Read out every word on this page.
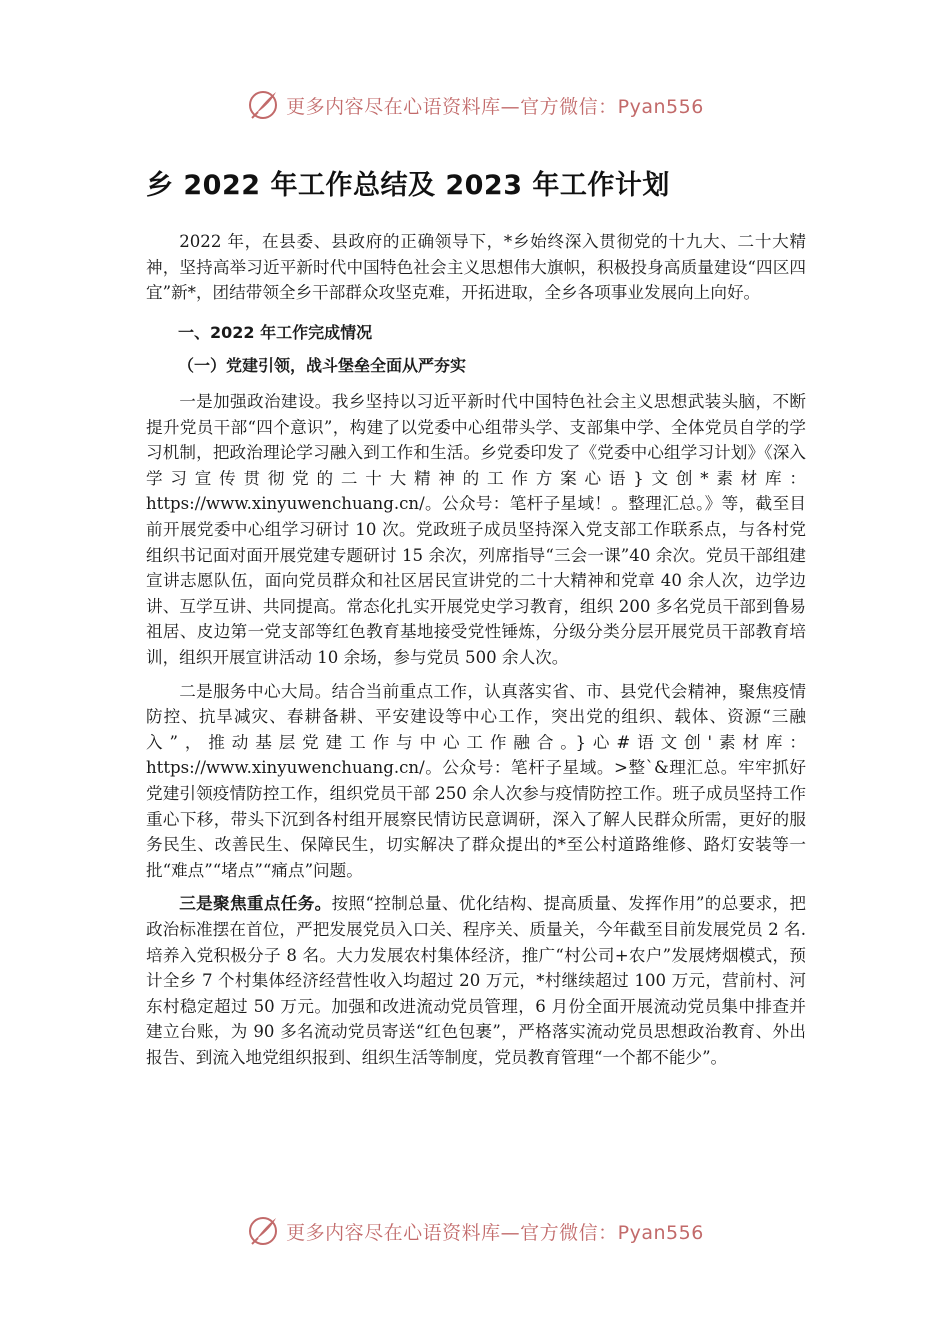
更多内容尽在心语资料库—官方微信：Pyan556
乡 2022 年工作总结及 2023 年工作计划

2022 年，在县委、县政府的正确领导下，*乡始终深入贯彻党的十九大、二十大精神，坚持高举习近平新时代中国特色社会主义思想伟大旗帜，积极投身高质量建设“四区四宜”新*，团结带领全乡干部群众攻坚克难，开拓进取，全乡各项事业发展向上向好。

一、2022 年工作完成情况
（一）党建引领，战斗堡垒全面从严夯实

一是加强政治建设。我乡坚持以习近平新时代中国特色社会主义思想武装头脑，不断提升党员干部“四个意识”，构建了以党委中心组带头学、支部集中学、全体党员自学的学习机制，把政治理论学习融入到工作和生活。乡党委印发了《党委中心组学习计划》《深入学习宣传贯彻党的二十大精神的工作方案心语}文创*素材库：https://www.xinyuwenchuang.cn/。公众号：笔杆子星域！。整理汇总。》等，截至目前开展党委中心组学习研讨 10 次。党政班子成员坚持深入党支部工作联系点，与各村党组织书记面对面开展党建专题研讨 15 余次，列席指导“三会一课”40 余次。党员干部组建宣讲志愿队伍，面向党员群众和社区居民宣讲党的二十大精神和党章 40 余人次，边学边讲、互学互讲、共同提高。常态化扎实开展党史学习教育，组织 200 多名党员干部到鲁易祖居、皮边第一党支部等红色教育基地接受党性锤炼，分级分类分层开展党员干部教育培训，组织开展宣讲活动 10 余场，参与党员 500 余人次。

二是服务中心大局。结合当前重点工作，认真落实省、市、县党代会精神，聚焦疫情防控、抗旱减灾、春耕备耕、平安建设等中心工作，突出党的组织、载体、资源“三融入”，推动基层党建工作与中心工作融合。}心#语文创'素材库：https://www.xinyuwenchuang.cn/。公众号：笔杆子星域。>整`&理汇总。牢牢抓好党建引领疫情防控工作，组织党员干部 250 余人次参与疫情防控工作。班子成员坚持工作重心下移，带头下沉到各村组开展察民情访民意调研，深入了解人民群众所需，更好的服务民生、改善民生、保障民生，切实解决了群众提出的*至公村道路维修、路灯安装等一批“难点”“堵点”“痛点”问题。

三是聚焦重点任务。按照“控制总量、优化结构、提高质量、发挥作用”的总要求，把政治标准摆在首位，严把发展党员入口关、程序关、质量关，今年截至目前发展党员 2 名.培养入党积极分子 8 名。大力发展农村集体经济，推广“村公司+农户”发展烤烟模式，预计全乡 7 个村集体经济经营性收入均超过 20 万元，*村继续超过 100 万元，营前村、河东村稳定超过 50 万元。加强和改进流动党员管理，6 月份全面开展流动党员集中排查并建立台账，为 90 多名流动党员寄送“红色包裹”，严格落实流动党员思想政治教育、外出报告、到流入地党组织报到、组织生活等制度，党员教育管理“一个都不能少”。

更多内容尽在心语资料库—官方微信：Pyan556
